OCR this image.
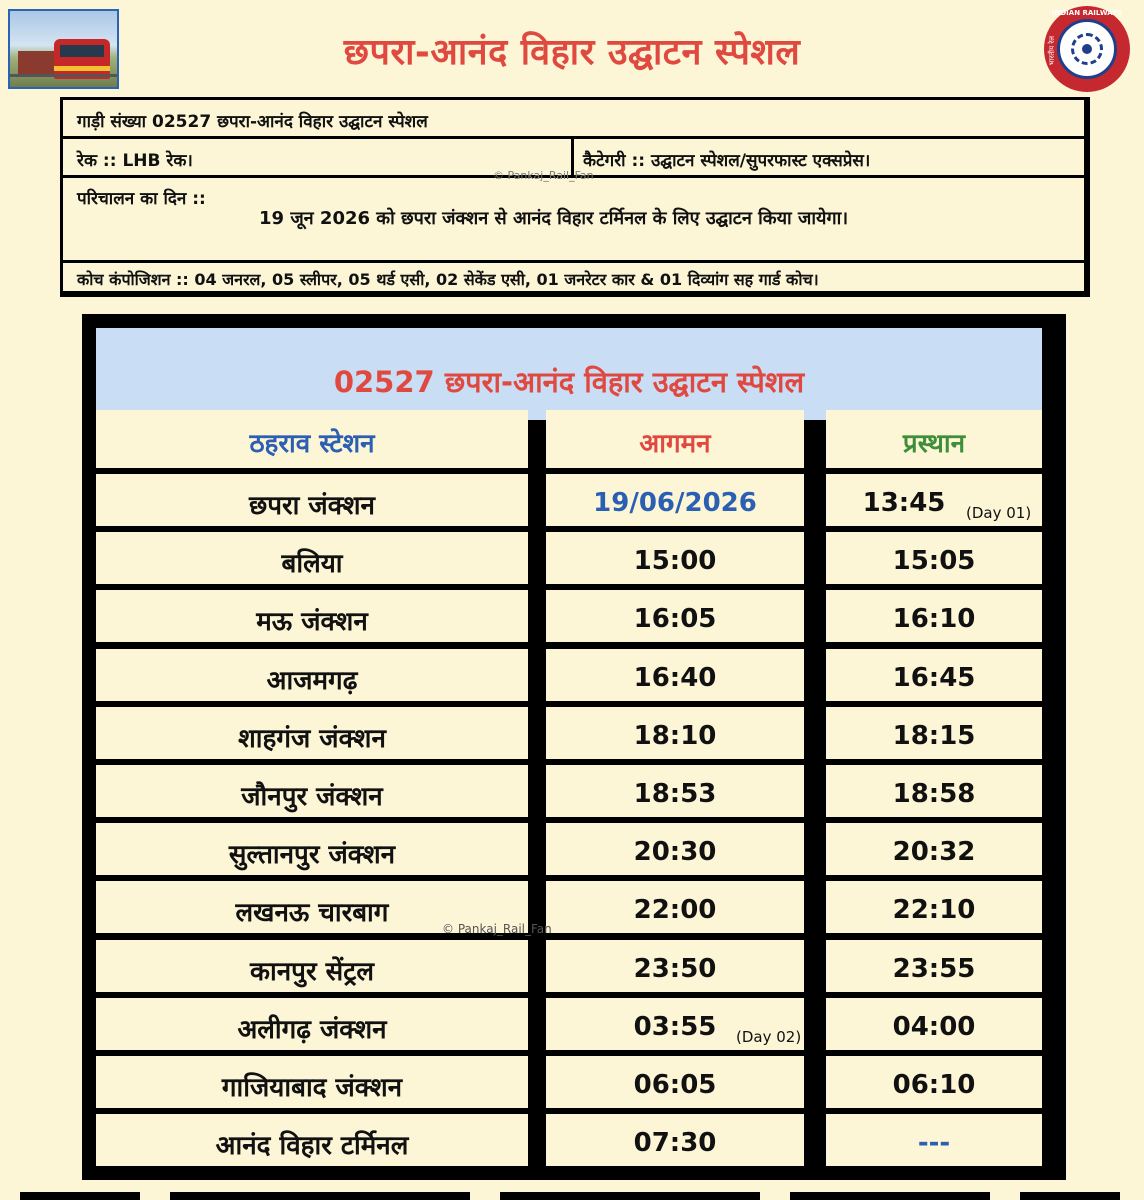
छपरा-आनंद विहार उद्घाटन स्पेशल
INDIAN RAILWAYS
भारतीय रेल
गाड़ी संख्या 02527 छपरा-आनंद विहार उद्घाटन स्पेशल
रेक :: LHB रेक।	कैटेगरी :: उद्घाटन स्पेशल/सुपरफास्ट एक्सप्रेस।
© Pankaj_Rail_Fan
परिचालन का दिन ::
19 जून 2026 को छपरा जंक्शन से आनंद विहार टर्मिनल के लिए उद्घाटन किया जायेगा।
कोच कंपोजिशन :: 04 जनरल, 05 स्लीपर, 05 थर्ड एसी, 02 सेकेंड एसी, 01 जनरेटर कार & 01 दिव्यांग सह गार्ड कोच।
02527 छपरा-आनंद विहार उद्घाटन स्पेशल
ठहराव स्टेशन	आगमन	प्रस्थान
छपरा जंक्शन	19/06/2026	13:45	(Day 01)
बलिया	15:00	15:05
मऊ जंक्शन	16:05	16:10
आजमगढ़	16:40	16:45
शाहगंज जंक्शन	18:10	18:15
जौनपुर जंक्शन	18:53	18:58
सुल्तानपुर जंक्शन	20:30	20:32
लखनऊ चारबाग	22:00	22:10
कानपुर सेंट्रल	23:50	23:55
अलीगढ़ जंक्शन	03:55	(Day 02)	04:00
गाजियाबाद जंक्शन	06:05	06:10
आनंद विहार टर्मिनल	07:30	---
© Pankaj_Rail_Fan
